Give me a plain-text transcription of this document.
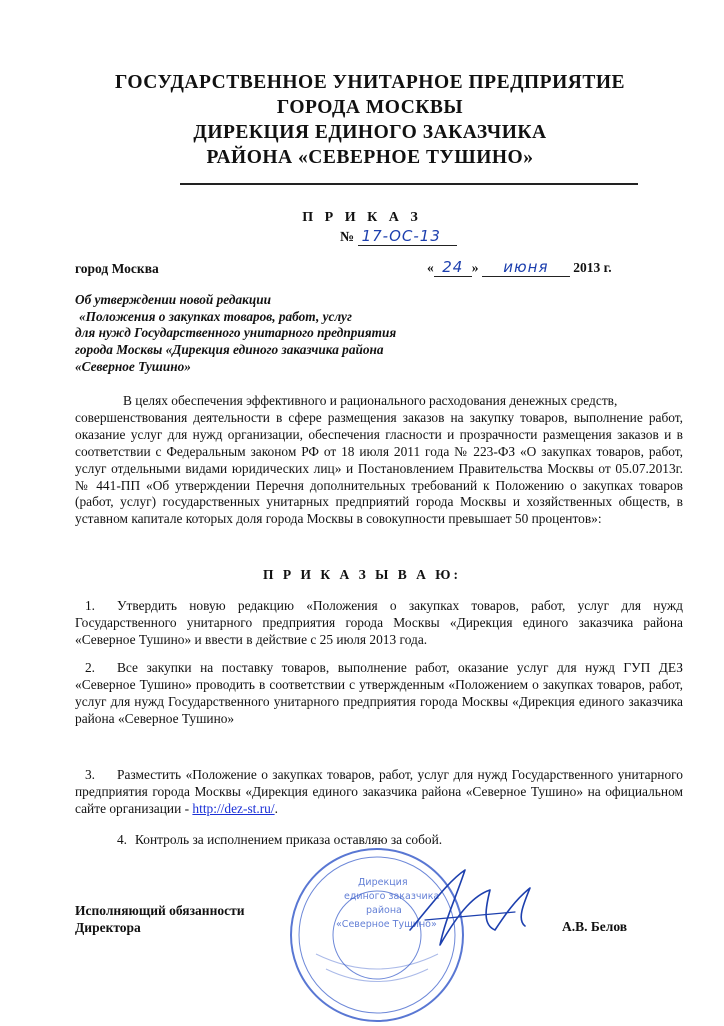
ГОСУДАРСТВЕННОЕ УНИТАРНОЕ ПРЕДПРИЯТИЕ
ГОРОДА МОСКВЫ
ДИРЕКЦИЯ ЕДИНОГО ЗАКАЗЧИКА
РАЙОНА «СЕВЕРНОЕ ТУШИНО»
П Р И К А З
№ 17-ОС-13
город Москва	« 24 » июня 2013 г.
Об утверждении новой редакции
«Положения о закупках товаров, работ, услуг
для нужд Государственного унитарного предприятия
города Москвы «Дирекция единого заказчика района
«Северное Тушино»
В целях обеспечения эффективного и рационального расходования денежных средств,
совершенствования деятельности в сфере размещения заказов на закупку товаров, выполнение работ, оказание услуг для нужд организации, обеспечения гласности и прозрачности размещения заказов и в соответствии с Федеральным законом РФ от 18 июля 2011 года № 223-ФЗ «О закупках товаров, работ, услуг отдельными видами юридических лиц» и Постановлением Правительства Москвы от 05.07.2013г. № 441-ПП «Об утверждении Перечня дополнительных требований к Положению о закупках товаров (работ, услуг) государственных унитарных предприятий города Москвы и хозяйственных обществ, в уставном капитале которых доля города Москвы в совокупности превышает 50 процентов»:
П Р И К А З Ы В А Ю:
1. Утвердить новую редакцию «Положения о закупках товаров, работ, услуг для нужд Государственного унитарного предприятия города Москвы «Дирекция единого заказчика района «Северное Тушино» и ввести в действие с 25 июля 2013 года.
2. Все закупки на поставку товаров, выполнение работ, оказание услуг для нужд ГУП ДЕЗ «Северное Тушино» проводить в соответствии с утвержденным «Положением о закупках товаров, работ, услуг для нужд Государственного унитарного предприятия города Москвы «Дирекция единого заказчика района «Северное Тушино»
3. Разместить «Положение о закупках товаров, работ, услуг для нужд Государственного унитарного предприятия города Москвы «Дирекция единого заказчика района «Северное Тушино» на официальном сайте организации - http://dez-st.ru/.
4. Контроль за исполнением приказа оставляю за собой.
Исполняющий обязанности
Директора	А.В. Белов
Дирекция
единого заказчика
района
«Северное Тушино»
